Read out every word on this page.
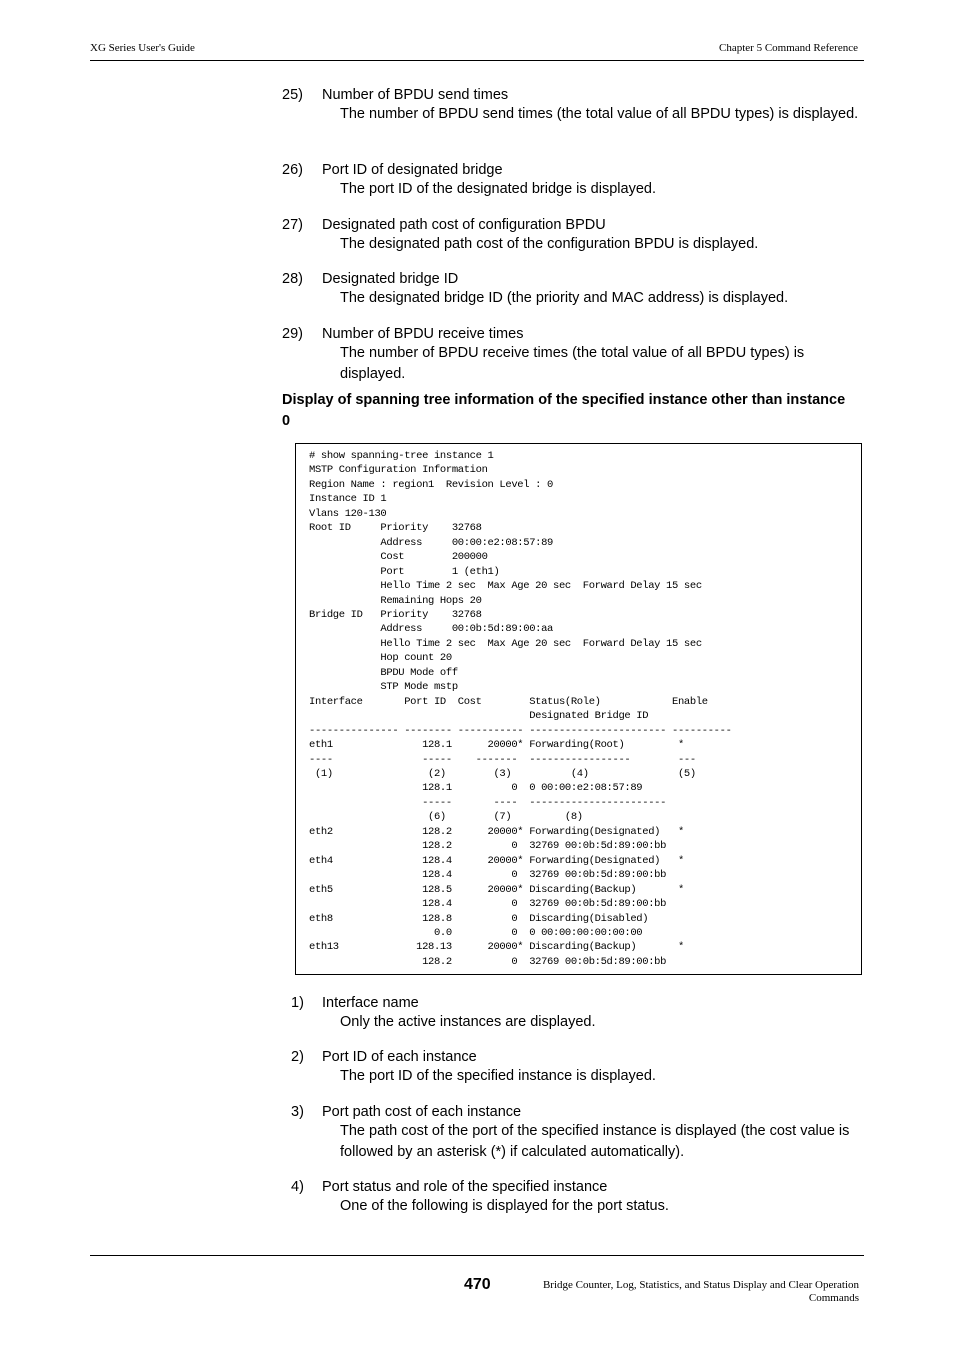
XG Series User's Guide	Chapter 5 Command Reference
25) Number of BPDU send times
The number of BPDU send times (the total value of all BPDU types) is displayed.
26) Port ID of designated bridge
The port ID of the designated bridge is displayed.
27) Designated path cost of configuration BPDU
The designated path cost of the configuration BPDU is displayed.
28) Designated bridge ID
The designated bridge ID (the priority and MAC address) is displayed.
29) Number of BPDU receive times
The number of BPDU receive times (the total value of all BPDU types) is displayed.
Display of spanning tree information of the specified instance other than instance 0
# show spanning-tree instance 1
MSTP Configuration Information
Region Name : region1  Revision Level : 0
Instance ID 1
Vlans 120-130
Root ID     Priority    32768
Address     00:00:e2:08:57:89
Cost        200000
Port        1 (eth1)
Hello Time 2 sec  Max Age 20 sec  Forward Delay 15 sec
Remaining Hops 20
Bridge ID   Priority    32768
Address     00:0b:5d:89:00:aa
Hello Time 2 sec  Max Age 20 sec  Forward Delay 15 sec
Hop count 20
BPDU Mode off
STP Mode mstp
Interface       Port ID  Cost        Status(Role)            Enable
Designated Bridge ID
--------------- -------- ----------- ----------------------- ----------
eth1               128.1      20000* Forwarding(Root)         *
----               -----    -------  -----------------        ---
(1)                (2)        (3)          (4)               (5)
128.1          0  0 00:00:e2:08:57:89
-----       ----  -----------------------
(6)        (7)         (8)
eth2               128.2      20000* Forwarding(Designated)   *
128.2          0  32769 00:0b:5d:89:00:bb
eth4               128.4      20000* Forwarding(Designated)   *
128.4          0  32769 00:0b:5d:89:00:bb
eth5               128.5      20000* Discarding(Backup)       *
128.4          0  32769 00:0b:5d:89:00:bb
eth8               128.8          0  Discarding(Disabled)
0.0          0  0 00:00:00:00:00:00
eth13             128.13      20000* Discarding(Backup)       *
128.2          0  32769 00:0b:5d:89:00:bb
1) Interface name
Only the active instances are displayed.
2) Port ID of each instance
The port ID of the specified instance is displayed.
3) Port path cost of each instance
The path cost of the port of the specified instance is displayed (the cost value is followed by an asterisk (*) if calculated automatically).
4) Port status and role of the specified instance
One of the following is displayed for the port status.
470	Bridge Counter, Log, Statistics, and Status Display and Clear Operation
Commands
